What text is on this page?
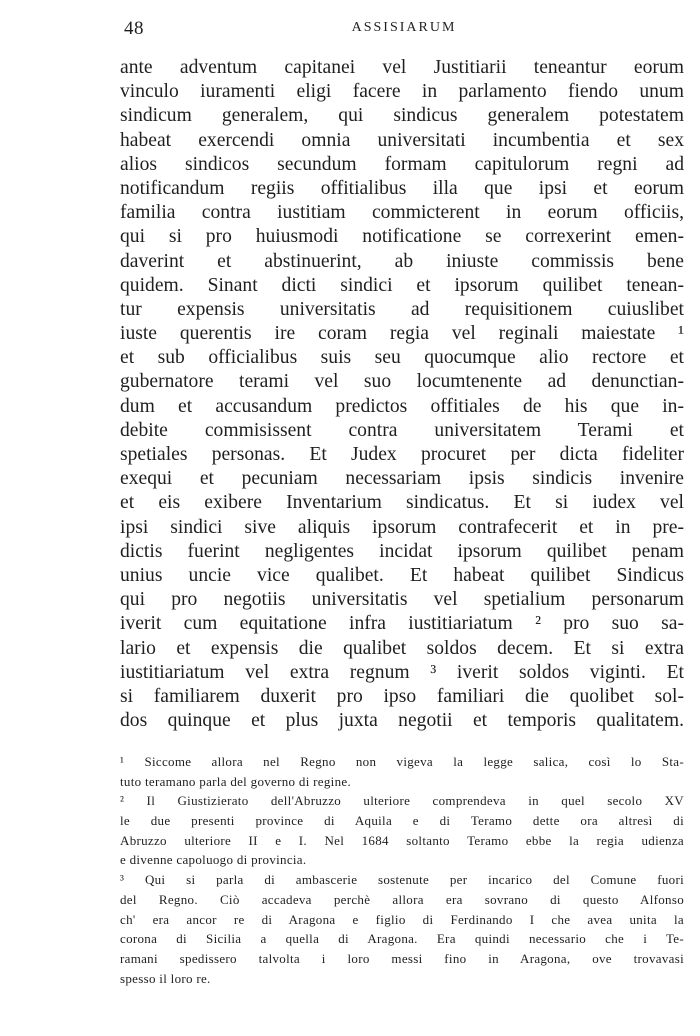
48	ASSISIARUM
ante adventum capitanei vel Justitiarii teneantur eorum
vinculo iuramenti eligi facere in parlamento fiendo unum
sindicum generalem, qui sindicus generalem potestatem
habeat exercendi omnia universitati incumbentia et sex
alios sindicos secundum formam capitulorum regni ad
notificandum regiis offitialibus illa que ipsi et eorum
familia contra iustitiam commicterent in eorum officiis,
qui si pro huiusmodi notificatione se correxerint emen-
daverint et abstinuerint, ab iniuste commissis bene
quidem. Sinant dicti sindici et ipsorum quilibet tenean-
tur expensis universitatis ad requisitionem cuiuslibet
iuste querentis ire coram regia vel reginali maiestate ¹
et sub officialibus suis seu quocumque alio rectore et
gubernatore terami vel suo locumtenente ad denunctian-
dum et accusandum predictos offitiales de his que in-
debite commisissent contra universitatem Terami et
spetiales personas. Et Judex procuret per dicta fideliter
exequi et pecuniam necessariam ipsis sindicis invenire
et eis exibere Inventarium sindicatus. Et si iudex vel
ipsi sindici sive aliquis ipsorum contrafecerit et in pre-
dictis fuerint negligentes incidat ipsorum quilibet penam
unius uncie vice qualibet. Et habeat quilibet Sindicus
qui pro negotiis universitatis vel spetialium personarum
iverit cum equitatione infra iustitiariatum ² pro suo sa-
lario et expensis die qualibet soldos decem. Et si extra
iustitiariatum vel extra regnum ³ iverit soldos viginti. Et
si familiarem duxerit pro ipso familiari die quolibet sol-
dos quinque et plus juxta negotii et temporis qualitatem.
¹ Siccome allora nel Regno non vigeva la legge salica, così lo Sta-
tuto teramano parla del governo di regine.
² Il Giustizierato dell'Abruzzo ulteriore comprendeva in quel secolo XV
le due presenti province di Aquila e di Teramo dette ora altresì di
Abruzzo ulteriore II e I. Nel 1684 soltanto Teramo ebbe la regia udienza
e divenne capoluogo di provincia.
³ Qui si parla di ambascerie sostenute per incarico del Comune fuori
del Regno. Ciò accadeva perchè allora era sovrano di questo Alfonso
ch' era ancor re di Aragona e figlio di Ferdinando I che avea unita la
corona di Sicilia a quella di Aragona. Era quindi necessario che i Te-
ramani spedissero talvolta i loro messi fino in Aragona, ove trovavasi
spesso il loro re.
